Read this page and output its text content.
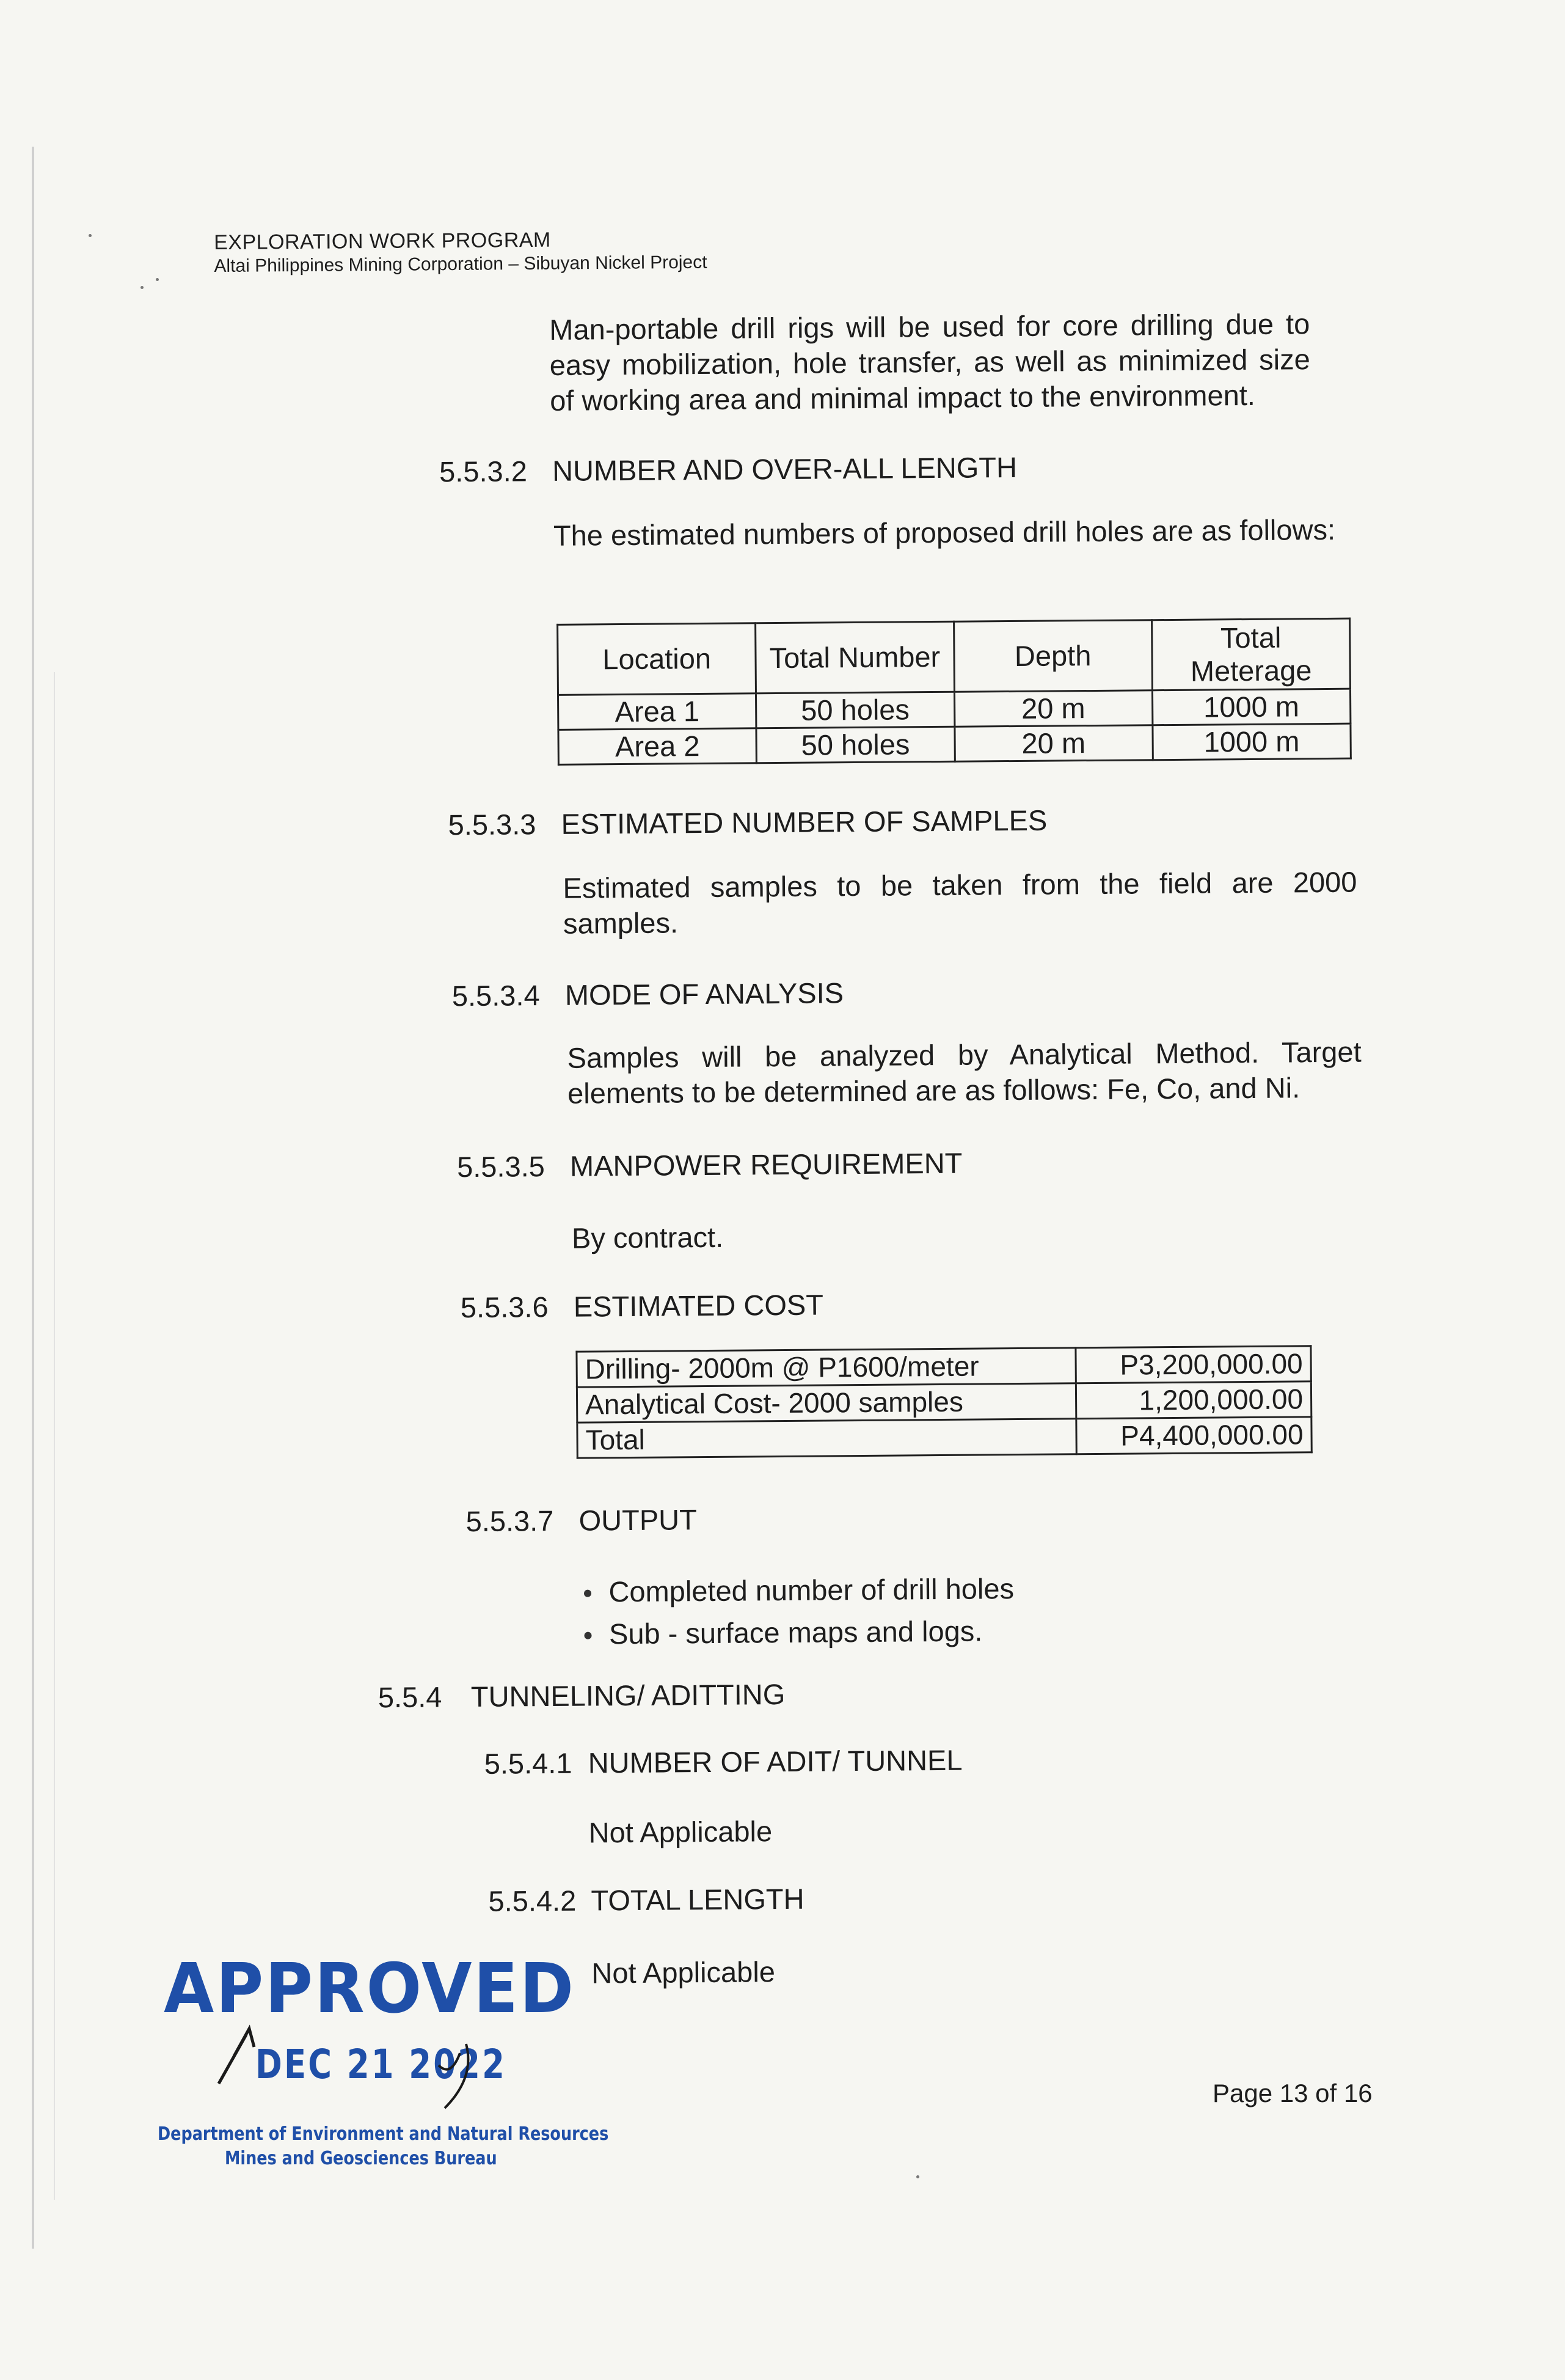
EXPLORATION WORK PROGRAM
Altai Philippines Mining Corporation – Sibuyan Nickel Project
Man-portable drill rigs will be used for core drilling due to easy mobilization, hole transfer, as well as minimized size of working area and minimal impact to the environment.
5.5.3.2 NUMBER AND OVER-ALL LENGTH
The estimated numbers of proposed drill holes are as follows:
Location	Total Number	Depth	Total Meterage
Area 1	50 holes	20 m	1000 m
Area 2	50 holes	20 m	1000 m
5.5.3.3 ESTIMATED NUMBER OF SAMPLES
Estimated samples to be taken from the field are 2000 samples.
5.5.3.4 MODE OF ANALYSIS
Samples will be analyzed by Analytical Method. Target elements to be determined are as follows: Fe, Co, and Ni.
5.5.3.5 MANPOWER REQUIREMENT
By contract.
5.5.3.6 ESTIMATED COST
Drilling- 2000m @ P1600/meter	P3,200,000.00
Analytical Cost- 2000 samples	1,200,000.00
Total	P4,400,000.00
5.5.3.7 OUTPUT
● Completed number of drill holes
● Sub - surface maps and logs.
5.5.4 TUNNELING/ ADITTING
5.5.4.1 NUMBER OF ADIT/ TUNNEL
Not Applicable
5.5.4.2 TOTAL LENGTH
Not Applicable
APPROVED
DEC 21 2022
Department of Environment and Natural Resources
Mines and Geosciences Bureau
Page 13 of 16
